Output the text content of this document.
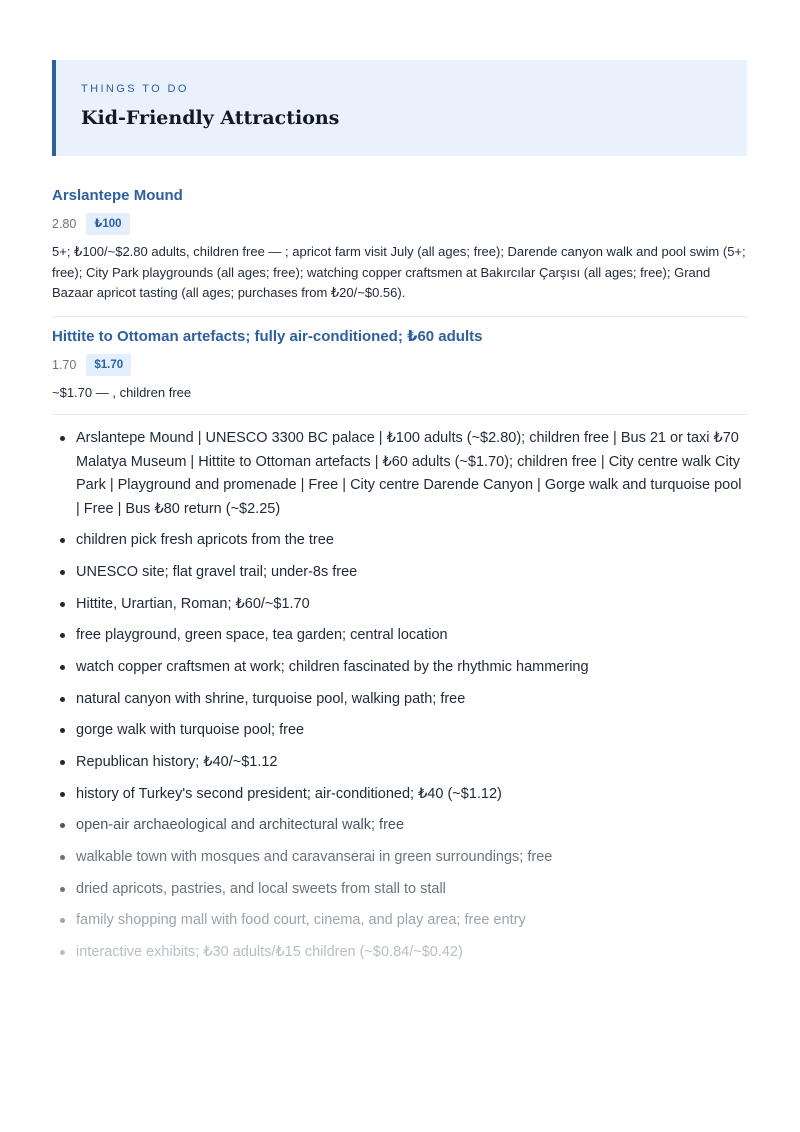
THINGS TO DO
Kid-Friendly Attractions
Arslantepe Mound
2.80	₺100
5+; ₺100/~$2.80 adults, children free — ; apricot farm visit July (all ages; free); Darende canyon walk and pool swim (5+; free); City Park playgrounds (all ages; free); watching copper craftsmen at Bakırcılar Çarşısı (all ages; free); Grand Bazaar apricot tasting (all ages; purchases from ₺20/~$0.56).
Hittite to Ottoman artefacts; fully air-conditioned; ₺60 adults
1.70	$1.70
~$1.70 — , children free
Arslantepe Mound | UNESCO 3300 BC palace | ₺100 adults (~$2.80); children free | Bus 21 or taxi ₺70 Malatya Museum | Hittite to Ottoman artefacts | ₺60 adults (~$1.70); children free | City centre walk City Park | Playground and promenade | Free | City centre Darende Canyon | Gorge walk and turquoise pool | Free | Bus ₺80 return (~$2.25)
children pick fresh apricots from the tree
UNESCO site; flat gravel trail; under-8s free
Hittite, Urartian, Roman; ₺60/~$1.70
free playground, green space, tea garden; central location
watch copper craftsmen at work; children fascinated by the rhythmic hammering
natural canyon with shrine, turquoise pool, walking path; free
gorge walk with turquoise pool; free
Republican history; ₺40/~$1.12
history of Turkey's second president; air-conditioned; ₺40 (~$1.12)
open-air archaeological and architectural walk; free
walkable town with mosques and caravanserai in green surroundings; free
dried apricots, pastries, and local sweets from stall to stall
family shopping mall with food court, cinema, and play area; free entry
interactive exhibits; ₺30 adults/₺15 children (~$0.84/~$0.42)
